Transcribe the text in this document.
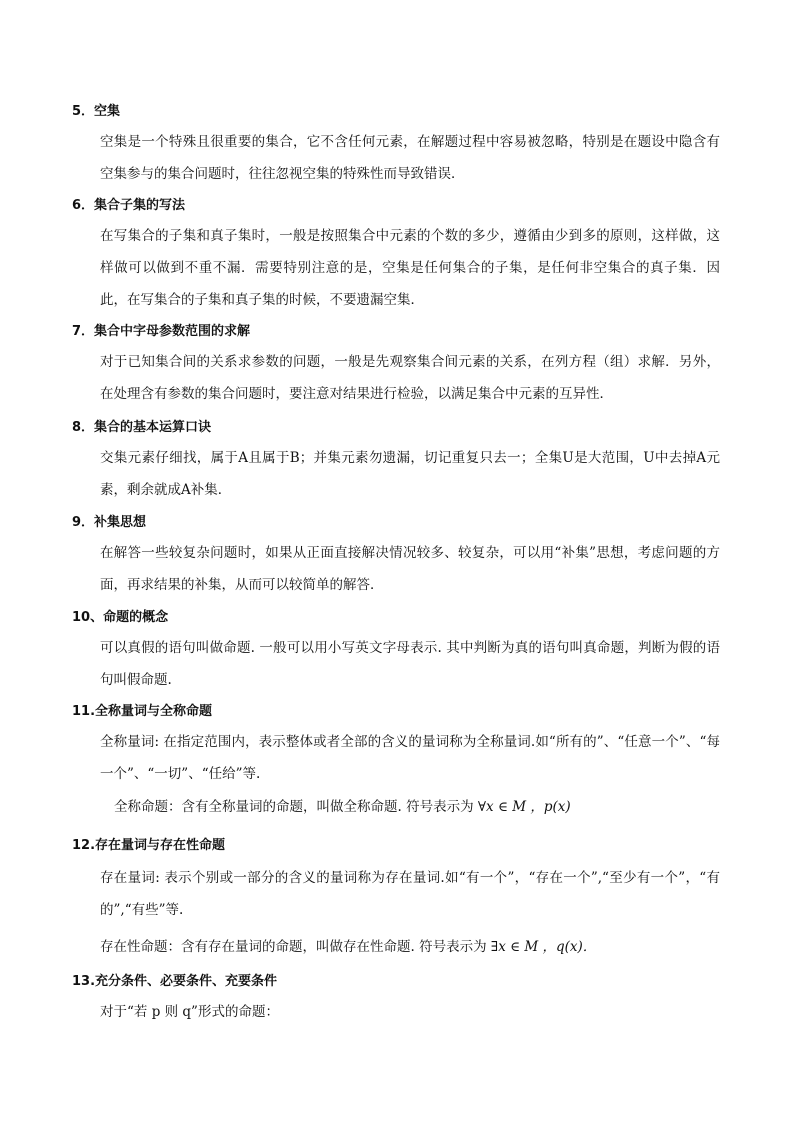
5．空集
空集是一个特殊且很重要的集合，它不含任何元素，在解题过程中容易被忽略，特别是在题设中隐含有空集参与的集合问题时，往往忽视空集的特殊性而导致错误．
6．集合子集的写法
在写集合的子集和真子集时，一般是按照集合中元素的个数的多少，遵循由少到多的原则，这样做，这样做可以做到不重不漏．需要特别注意的是，空集是任何集合的子集，是任何非空集合的真子集．因此，在写集合的子集和真子集的时候，不要遗漏空集．
7．集合中字母参数范围的求解
对于已知集合间的关系求参数的问题，一般是先观察集合间元素的关系，在列方程（组）求解．另外，在处理含有参数的集合问题时，要注意对结果进行检验，以满足集合中元素的互异性．
8．集合的基本运算口诀
交集元素仔细找，属于A且属于B；并集元素勿遗漏，切记重复只去一；全集U是大范围，U中去掉A元素，剩余就成A补集．
9．补集思想
在解答一些较复杂问题时，如果从正面直接解决情况较多、较复杂，可以用“补集”思想，考虑问题的方面，再求结果的补集，从而可以较简单的解答．
10、命题的概念
可以真假的语句叫做命题. 一般可以用小写英文字母表示. 其中判断为真的语句叫真命题，判断为假的语句叫假命题.
11.全称量词与全称命题
全称量词: 在指定范围内，表示整体或者全部的含义的量词称为全称量词.如“所有的”、“任意一个”、“每一个”、“一切”、“任给”等.
全称命题：含有全称量词的命题，叫做全称命题. 符号表示为 ∀x ∈ M ，p(x)
12.存在量词与存在性命题
存在量词: 表示个别或一部分的含义的量词称为存在量词.如“有一个”，“存在一个”,“至少有一个”，“有的”,“有些”等.
存在性命题：含有存在量词的命题，叫做存在性命题. 符号表示为 ∃x ∈ M ，q(x)．
13.充分条件、必要条件、充要条件
对于“若 p 则 q”形式的命题：
